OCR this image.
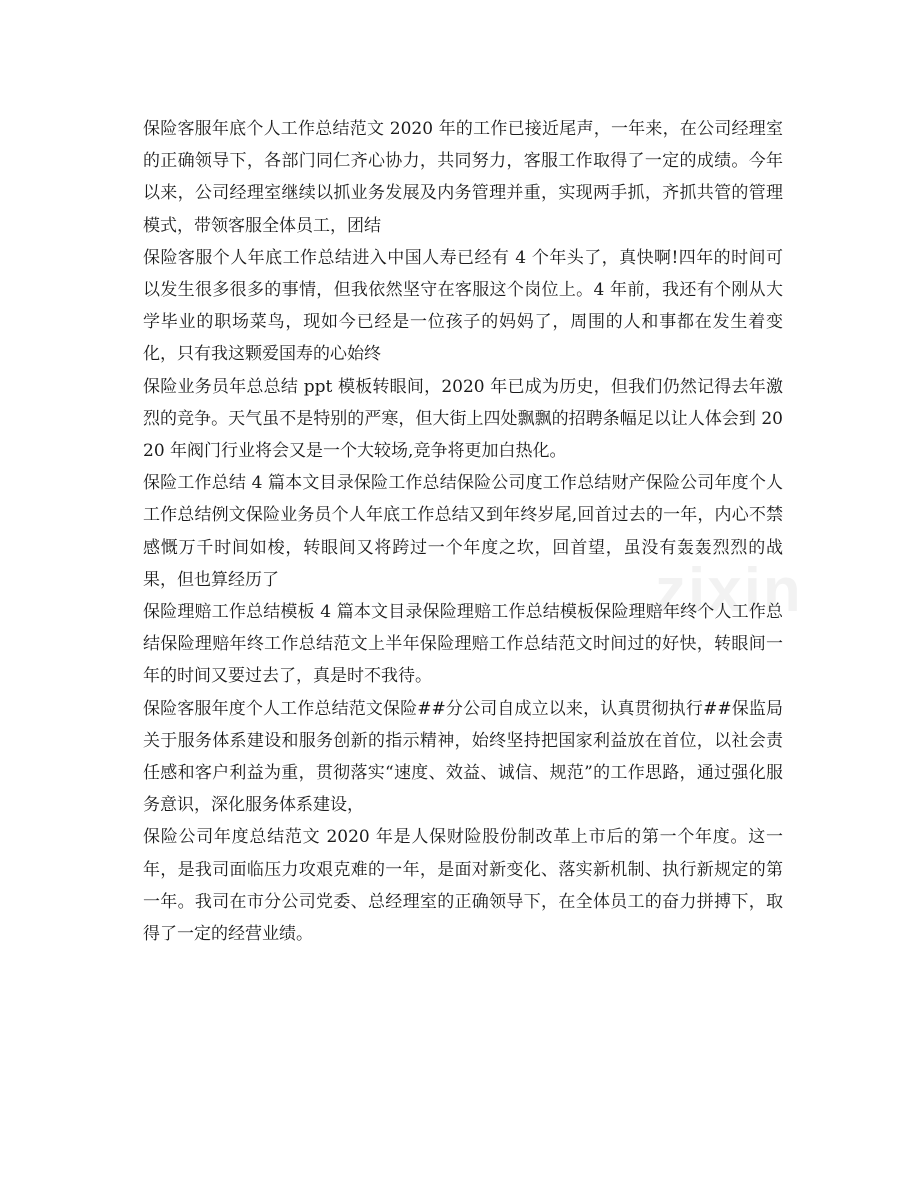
保险客服年底个人工作总结范文 2020 年的工作已接近尾声，一年来，在公司经理室的正确领导下，各部门同仁齐心协力，共同努力，客服工作取得了一定的成绩。今年以来，公司经理室继续以抓业务发展及内务管理并重，实现两手抓，齐抓共管的管理模式，带领客服全体员工，团结

保险客服个人年底工作总结进入中国人寿已经有 4 个年头了，真快啊!四年的时间可以发生很多很多的事情，但我依然坚守在客服这个岗位上。4 年前，我还有个刚从大学毕业的职场菜鸟，现如今已经是一位孩子的妈妈了，周围的人和事都在发生着变化，只有我这颗爱国寿的心始终

保险业务员年总总结 ppt 模板转眼间，2020 年已成为历史，但我们仍然记得去年激烈的竞争。天气虽不是特别的严寒，但大街上四处飘飘的招聘条幅足以让人体会到 2020 年阀门行业将会又是一个大较场,竞争将更加白热化。

保险工作总结 4 篇本文目录保险工作总结保险公司度工作总结财产保险公司年度个人工作总结例文保险业务员个人年底工作总结又到年终岁尾,回首过去的一年，内心不禁感慨万千时间如梭，转眼间又将跨过一个年度之坎，回首望，虽没有轰轰烈烈的战果，但也算经历了

保险理赔工作总结模板 4 篇本文目录保险理赔工作总结模板保险理赔年终个人工作总结保险理赔年终工作总结范文上半年保险理赔工作总结范文时间过的好快，转眼间一年的时间又要过去了，真是时不我待。

保险客服年度个人工作总结范文保险##分公司自成立以来，认真贯彻执行##保监局关于服务体系建设和服务创新的指示精神，始终坚持把国家利益放在首位，以社会责任感和客户利益为重，贯彻落实“速度、效益、诚信、规范”的工作思路，通过强化服务意识，深化服务体系建设，

保险公司年度总结范文 2020 年是人保财险股份制改革上市后的第一个年度。这一年，是我司面临压力攻艰克难的一年，是面对新变化、落实新机制、执行新规定的第一年。我司在市分公司党委、总经理室的正确领导下，在全体员工的奋力拼搏下，取得了一定的经营业绩。

zixin
